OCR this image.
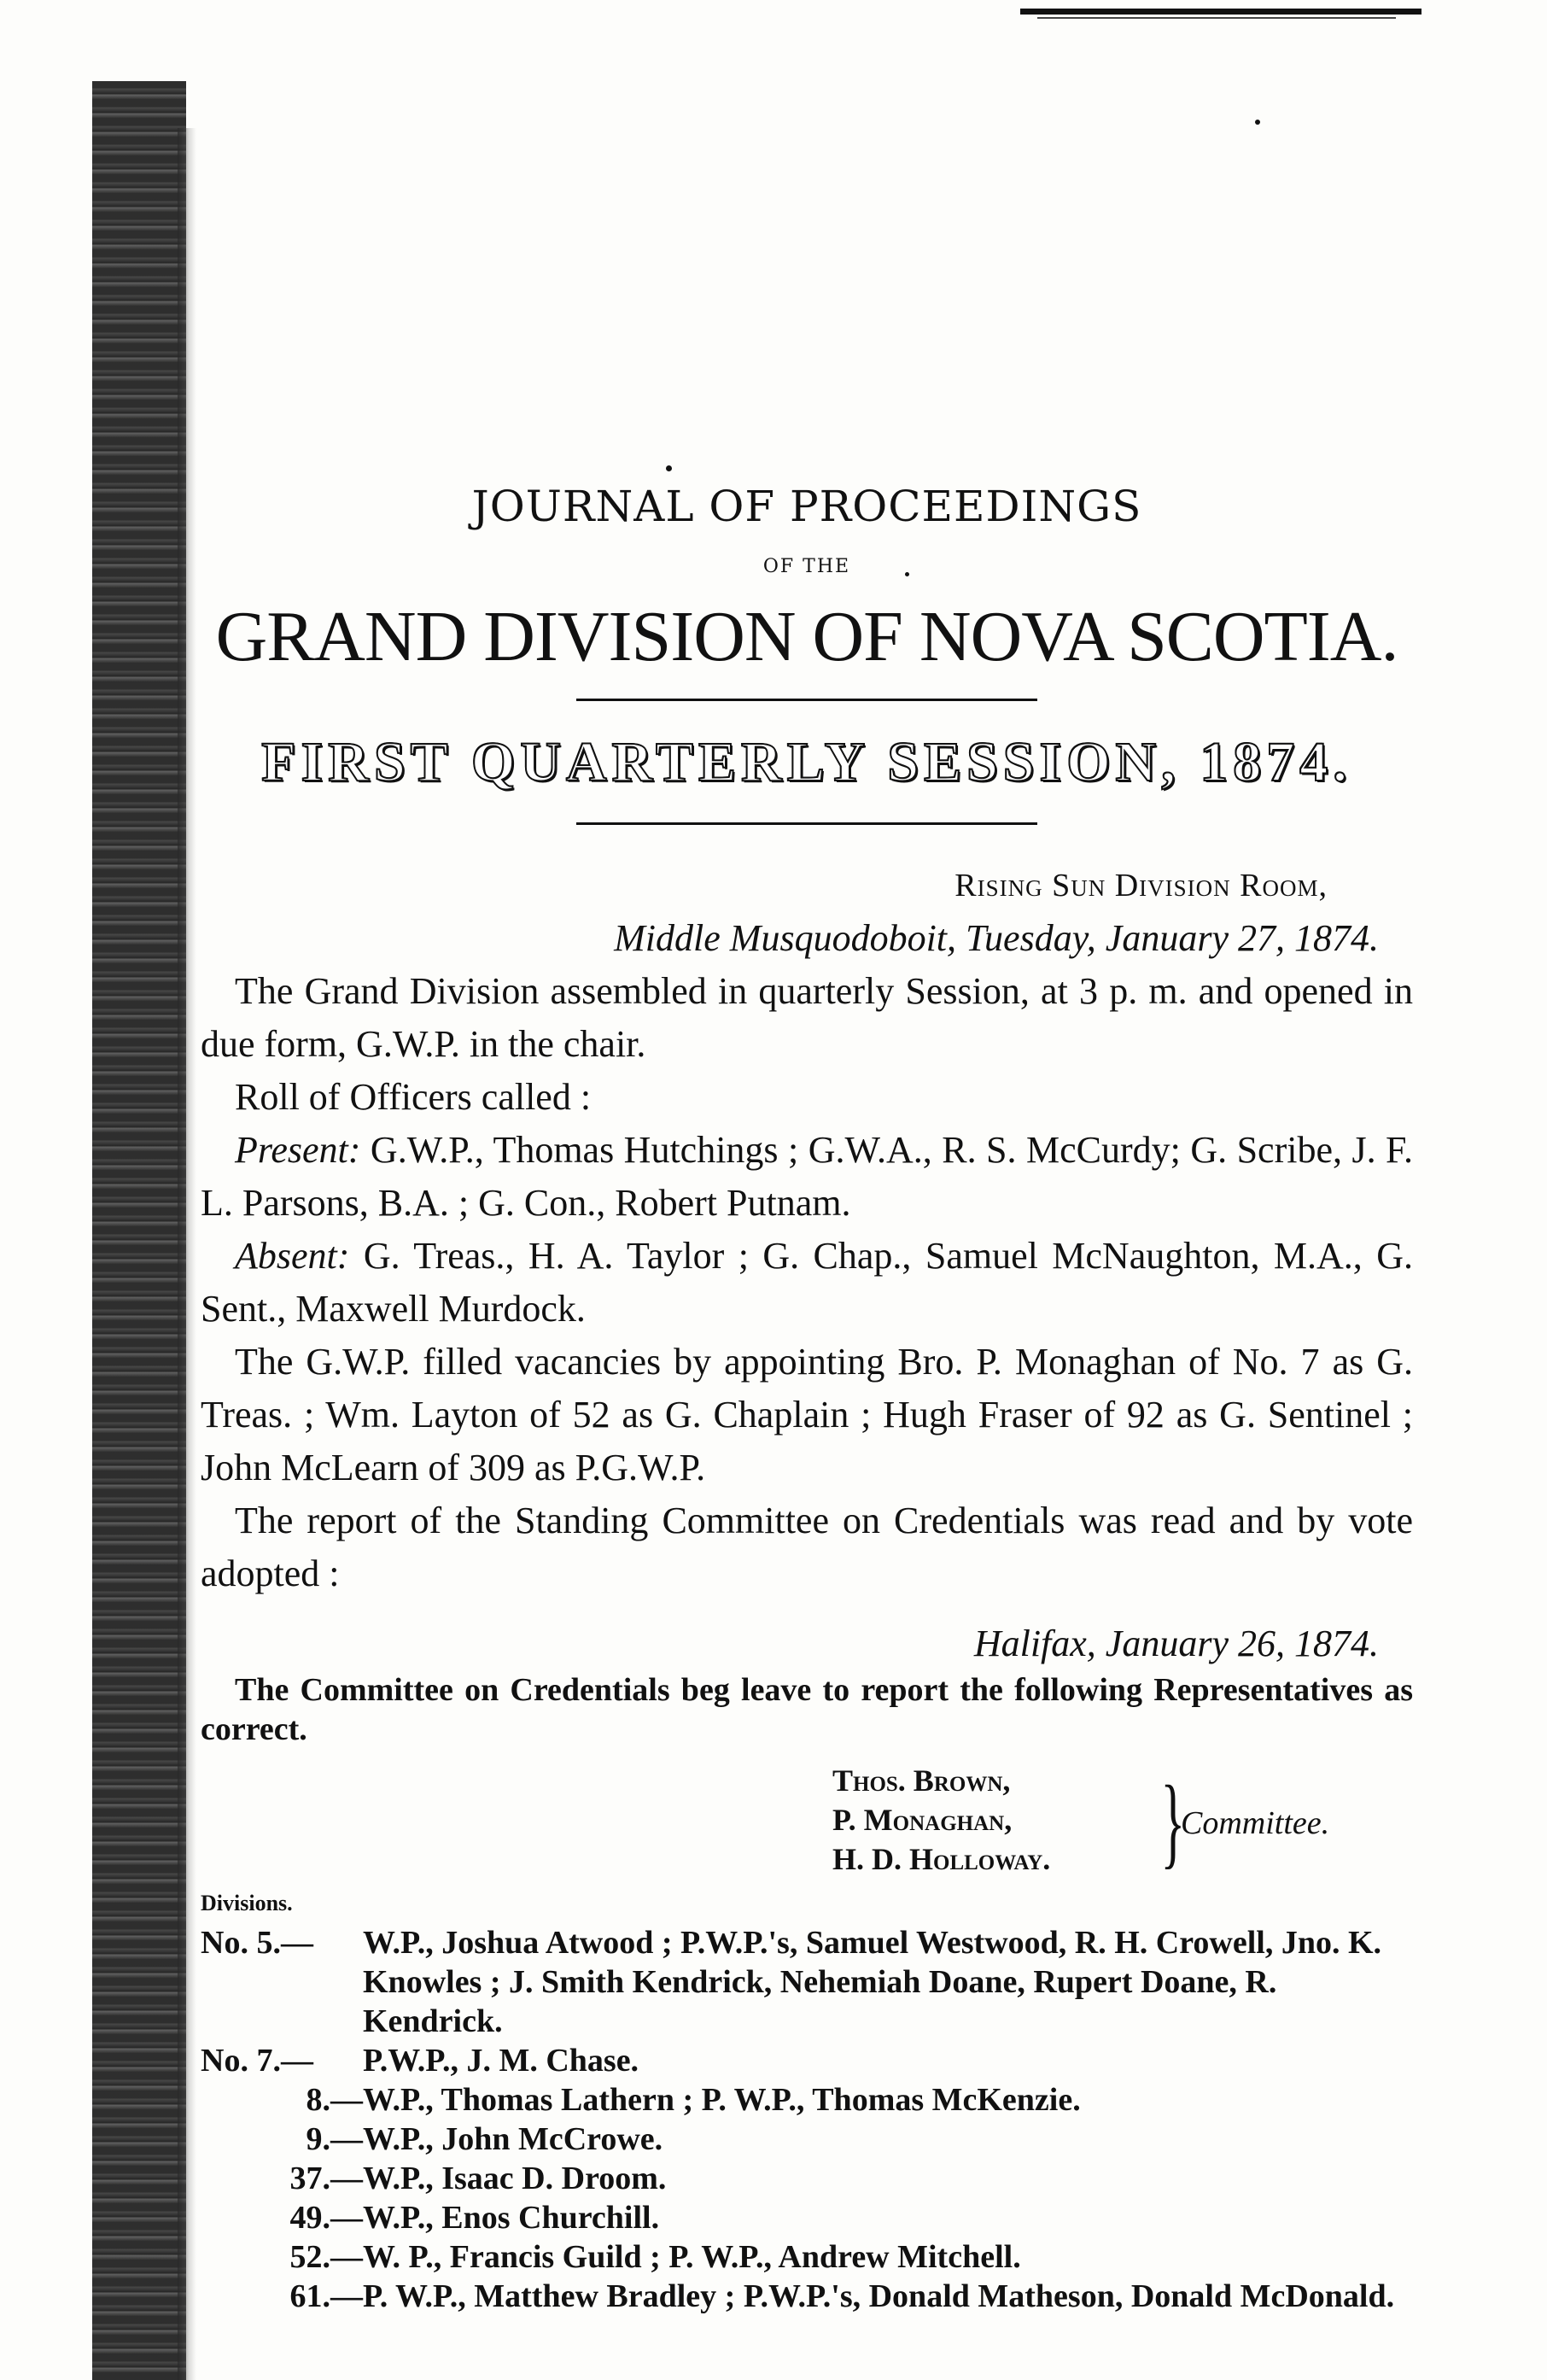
JOURNAL OF PROCEEDINGS
OF THE
GRAND DIVISION OF NOVA SCOTIA.
FIRST QUARTERLY SESSION, 1874.
Rising Sun Division Room,
Middle Musquodoboit, Tuesday, January 27, 1874.
The Grand Division assembled in quarterly Session, at 3 p. m. and opened in due form, G.W.P. in the chair.
Roll of Officers called :
Present: G.W.P., Thomas Hutchings ; G.W.A., R. S. McCurdy; G. Scribe, J. F. L. Parsons, B.A. ; G. Con., Robert Putnam.
Absent: G. Treas., H. A. Taylor ; G. Chap., Samuel McNaughton, M.A., G. Sent., Maxwell Murdock.
The G.W.P. filled vacancies by appointing Bro. P. Monaghan of No. 7 as G. Treas. ; Wm. Layton of 52 as G. Chaplain ; Hugh Fraser of 92 as G. Sentinel ; John McLearn of 309 as P.G.W.P.
The report of the Standing Committee on Credentials was read and by vote adopted :
Halifax, January 26, 1874.
The Committee on Credentials beg leave to report the following Representatives as correct.
Thos. Brown,
P. Monaghan,
H. D. Holloway. }
Committee.
Divisions.
No. 5.— W.P., Joshua Atwood ; P.W.P.'s, Samuel Westwood, R. H. Crowell, Jno. K. Knowles ; J. Smith Kendrick, Nehemiah Doane, Rupert Doane, R. Kendrick.
No. 7.— P.W.P., J. M. Chase.
8.—W.P., Thomas Lathern ; P. W.P., Thomas McKenzie.
9.—W.P., John McCrowe.
37.—W.P., Isaac D. Droom.
49.—W.P., Enos Churchill.
52.—W. P., Francis Guild ; P. W.P., Andrew Mitchell.
61.—P. W.P., Matthew Bradley ; P.W.P.'s, Donald Matheson, Donald McDonald.
